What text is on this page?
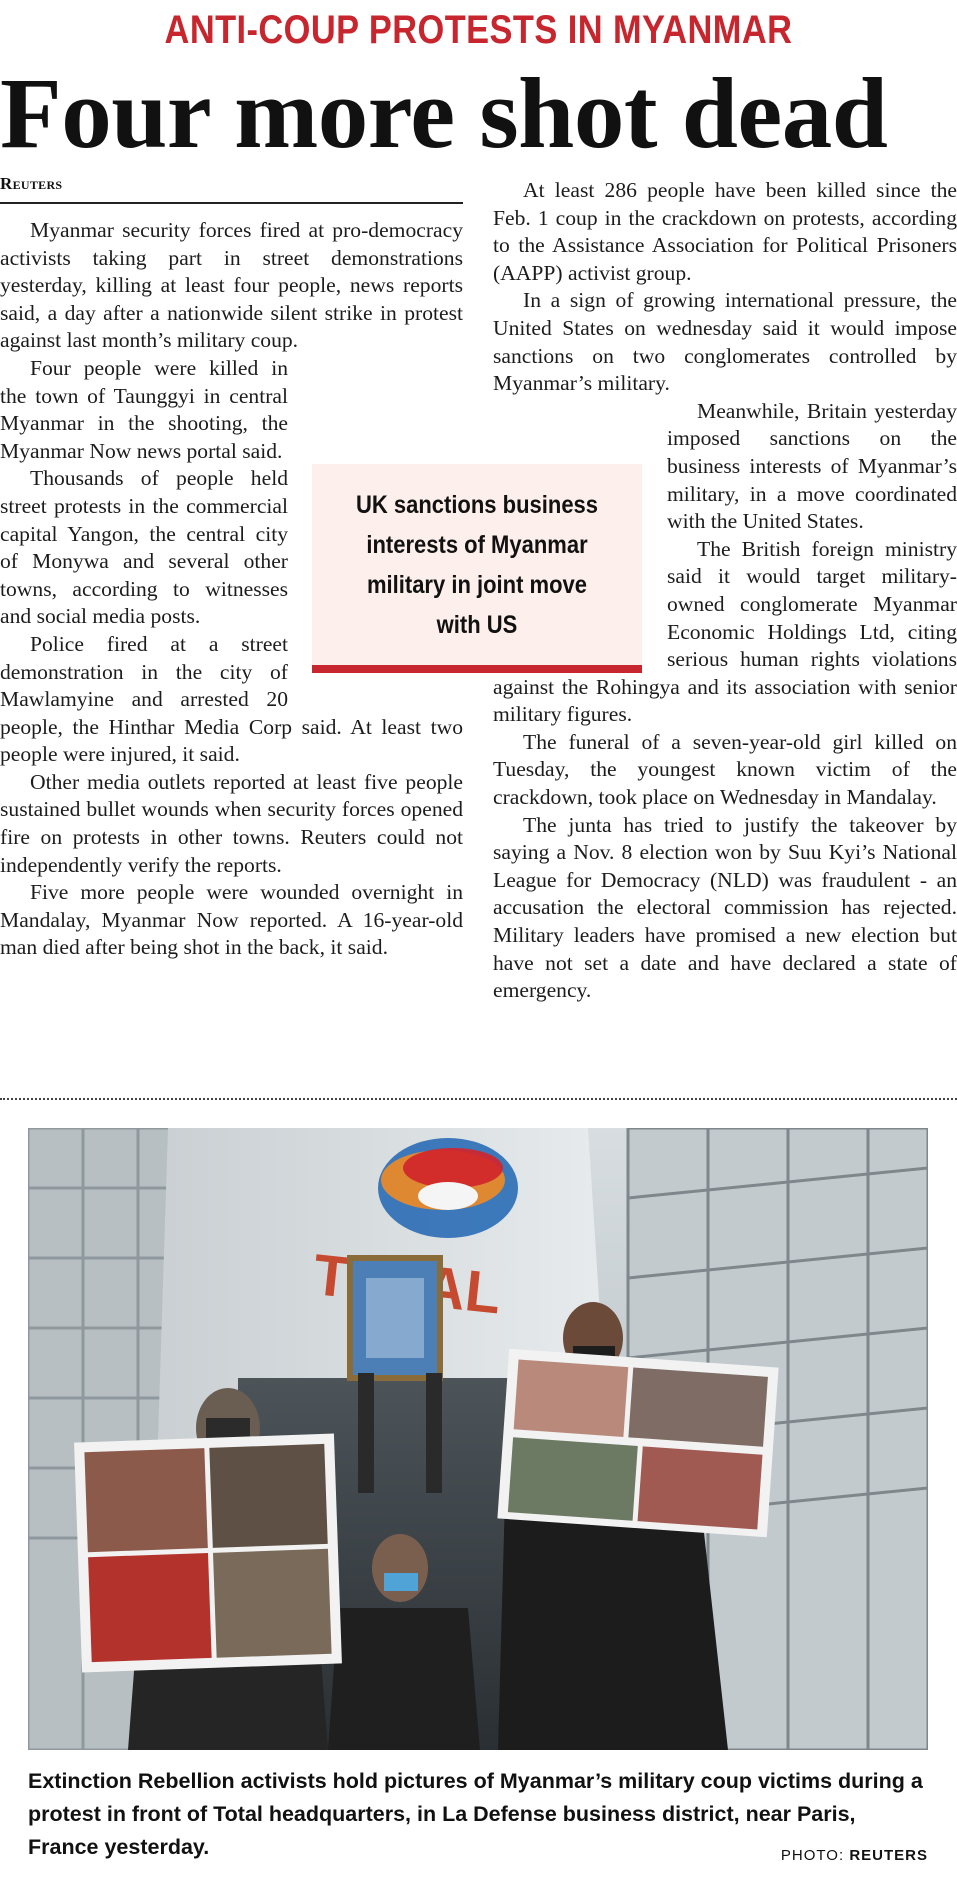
ANTI-COUP PROTESTS IN MYANMAR
Four more shot dead
Reuters

Myanmar security forces fired at pro-democracy activists taking part in street demonstrations yesterday, killing at least four people, news reports said, a day after a nationwide silent strike in protest against last month’s military coup.

Four people were killed in the town of Taunggyi in central Myanmar in the shooting, the Myanmar Now news portal said.

Thousands of people held street protests in the commercial capital Yangon, the central city of Monywa and several other towns, according to witnesses and social media posts.

Police fired at a street demonstration in the city of Mawlamyine and arrested 20 people, the Hinthar Media Corp said. At least two people were injured, it said.

Other media outlets reported at least five people sustained bullet wounds when security forces opened fire on protests in other towns. Reuters could not independently verify the reports.

Five more people were wounded overnight in Mandalay, Myanmar Now reported. A 16-year-old man died after being shot in the back, it said.

At least 286 people have been killed since the Feb. 1 coup in the crackdown on protests, according to the Assistance Association for Political Prisoners (AAPP) activist group.

In a sign of growing international pressure, the United States on wednesday said it would impose sanctions on two conglomerates controlled by Myanmar’s military.

Meanwhile, Britain yesterday imposed sanctions on the business interests of Myanmar’s military, in a move coordinated with the United States.

The British foreign ministry said it would target military-owned conglomerate Myanmar Economic Holdings Ltd, citing serious human rights violations against the Rohingya and its association with senior military figures.

The funeral of a seven-year-old girl killed on Tuesday, the youngest known victim of the crackdown, took place on Wednesday in Mandalay.

The junta has tried to justify the takeover by saying a Nov. 8 election won by Suu Kyi’s National League for Democracy (NLD) was fraudulent - an accusation the electoral commission has rejected. Military leaders have promised a new election but have not set a date and have declared a state of emergency.

UK sanctions business interests of Myanmar military in joint move with US
Extinction Rebellion activists hold pictures of Myanmar’s military coup victims during a protest in front of Total headquarters, in La Defense business district, near Paris, France yesterday.	PHOTO: REUTERS
